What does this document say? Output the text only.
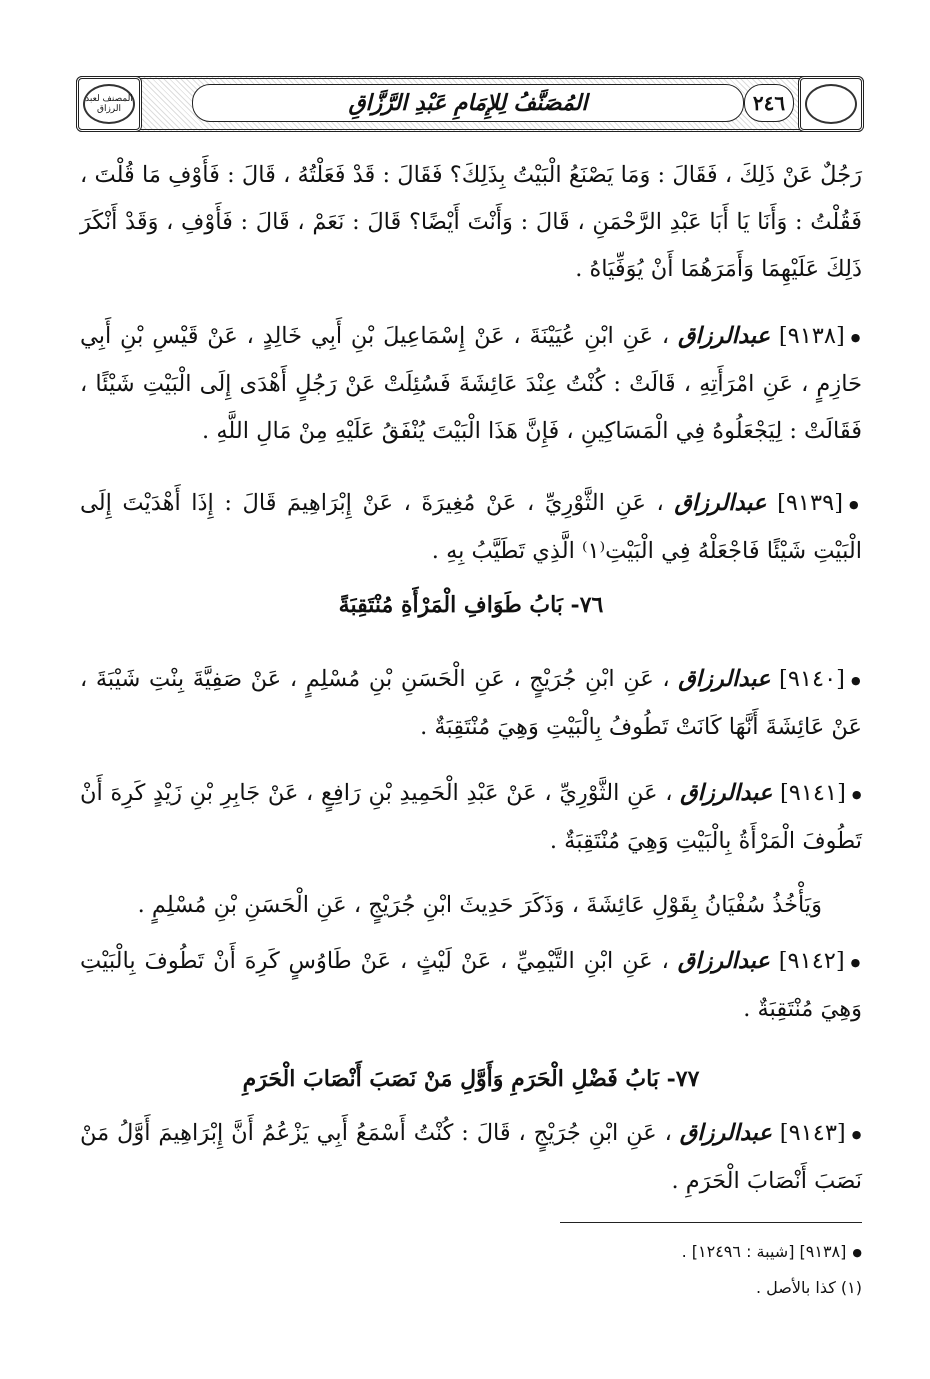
المصنف لعبد الرزاق	المُصَنَّفُ لِلإِمَامِ عَبْدِ الرَّزَّاقِ	٢٤٦

رَجُلٌ عَنْ ذَلِكَ ، فَقَالَ : وَمَا يَصْنَعُ الْبَيْتُ بِذَلِكَ؟ فَقَالَ : قَدْ فَعَلْتُهُ ، قَالَ : فَأَوْفِ مَا قُلْتَ ، فَقُلْتُ : وَأَنَا يَا أَبَا عَبْدِ الرَّحْمَنِ ، قَالَ : وَأَنْتَ أَيْضًا؟ قَالَ : نَعَمْ ، قَالَ : فَأَوْفِ ، وَقَدْ أَنْكَرَ ذَلِكَ عَلَيْهِمَا وَأَمَرَهُمَا أَنْ يُوَفِّيَاهُ .

● [٩١٣٨] عبدالرزاق ، عَنِ ابْنِ عُيَيْنَةَ ، عَنْ إِسْمَاعِيلَ بْنِ أَبِي خَالِدٍ ، عَنْ قَيْسِ بْنِ أَبِي حَازِمٍ ، عَنِ امْرَأَتِهِ ، قَالَتْ : كُنْتُ عِنْدَ عَائِشَةَ فَسُئِلَتْ عَنْ رَجُلٍ أَهْدَى إِلَى الْبَيْتِ شَيْئًا ، فَقَالَتْ : لِيَجْعَلُوهُ فِي الْمَسَاكِينِ ، فَإِنَّ هَذَا الْبَيْتَ يُنْفَقُ عَلَيْهِ مِنْ مَالِ اللَّهِ .

● [٩١٣٩] عبدالرزاق ، عَنِ الثَّوْرِيِّ ، عَنْ مُغِيرَةَ ، عَنْ إِبْرَاهِيمَ قَالَ : إِذَا أَهْدَيْتَ إِلَى الْبَيْتِ شَيْئًا فَاجْعَلْهُ فِي الْبَيْتِ⁽١⁾ الَّذِي تَطَيَّبُ بِهِ .

٧٦- بَابُ طَوَافِ الْمَرْأَةِ مُنْتَقِبَةً

● [٩١٤٠] عبدالرزاق ، عَنِ ابْنِ جُرَيْجٍ ، عَنِ الْحَسَنِ بْنِ مُسْلِمٍ ، عَنْ صَفِيَّةَ بِنْتِ شَيْبَةَ ، عَنْ عَائِشَةَ أَنَّهَا كَانَتْ تَطُوفُ بِالْبَيْتِ وَهِيَ مُنْتَقِبَةٌ .

● [٩١٤١] عبدالرزاق ، عَنِ الثَّوْرِيِّ ، عَنْ عَبْدِ الْحَمِيدِ بْنِ رَافِعٍ ، عَنْ جَابِرِ بْنِ زَيْدٍ كَرِهَ أَنْ تَطُوفَ الْمَرْأَةُ بِالْبَيْتِ وَهِيَ مُنْتَقِبَةٌ .

وَيَأْخُذُ سُفْيَانُ بِقَوْلِ عَائِشَةَ ، وَذَكَرَ حَدِيثَ ابْنِ جُرَيْجٍ ، عَنِ الْحَسَنِ بْنِ مُسْلِمٍ .

● [٩١٤٢] عبدالرزاق ، عَنِ ابْنِ التَّيْمِيِّ ، عَنْ لَيْثٍ ، عَنْ طَاوُسٍ كَرِهَ أَنْ تَطُوفَ بِالْبَيْتِ وَهِيَ مُنْتَقِبَةٌ .

٧٧- بَابُ فَضْلِ الْحَرَمِ وَأَوَّلِ مَنْ نَصَبَ أَنْصَابَ الْحَرَمِ

● [٩١٤٣] عبدالرزاق ، عَنِ ابْنِ جُرَيْجٍ ، قَالَ : كُنْتُ أَسْمَعُ أَبِي يَزْعُمُ أَنَّ إِبْرَاهِيمَ أَوَّلُ مَنْ نَصَبَ أَنْصَابَ الْحَرَمِ .

● [٩١٣٨] [شيبة : ١٢٤٩٦] .
(١) كذا بالأصل .
